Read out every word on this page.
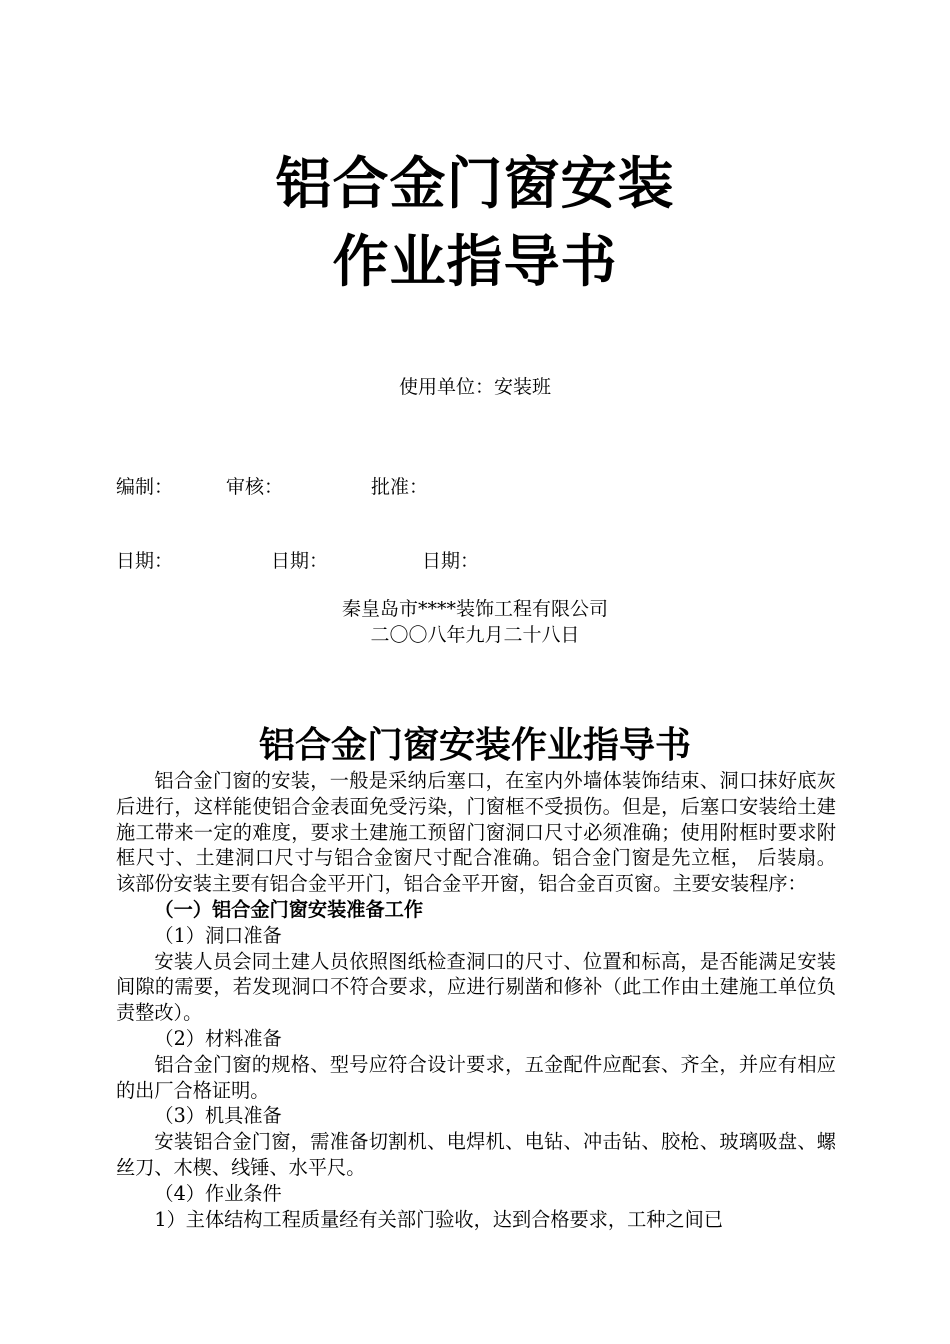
铝合金门窗安装
作业指导书
使用单位：安装班
编制：	审核：	批准：
日期：	日期：	日期：
秦皇岛市****装饰工程有限公司
二〇〇八年九月二十八日
铝合金门窗安装作业指导书

铝合金门窗的安装，一般是采纳后塞口，在室内外墙体装饰结束、洞口抹好底灰后进行，这样能使铝合金表面免受污染，门窗框不受损伤。但是，后塞口安装给土建施工带来一定的难度，要求土建施工预留门窗洞口尺寸必须准确；使用附框时要求附框尺寸、土建洞口尺寸与铝合金窗尺寸配合准确。铝合金门窗是先立框， 后装扇。 该部份安装主要有铝合金平开门，铝合金平开窗，铝合金百页窗。主要安装程序：

（一）铝合金门窗安装准备工作

（1）洞口准备

安装人员会同土建人员依照图纸检查洞口的尺寸、位置和标高，是否能满足安装间隙的需要，若发现洞口不符合要求，应进行剔凿和修补（此工作由土建施工单位负责整改）。

（2）材料准备

铝合金门窗的规格、型号应符合设计要求，五金配件应配套、齐全，并应有相应的出厂合格证明。

（3）机具准备

安装铝合金门窗，需准备切割机、电焊机、电钻、冲击钻、胶枪、玻璃吸盘、螺丝刀、木楔、线锤、水平尺。

（4）作业条件

1）主体结构工程质量经有关部门验收，达到合格要求，工种之间已
